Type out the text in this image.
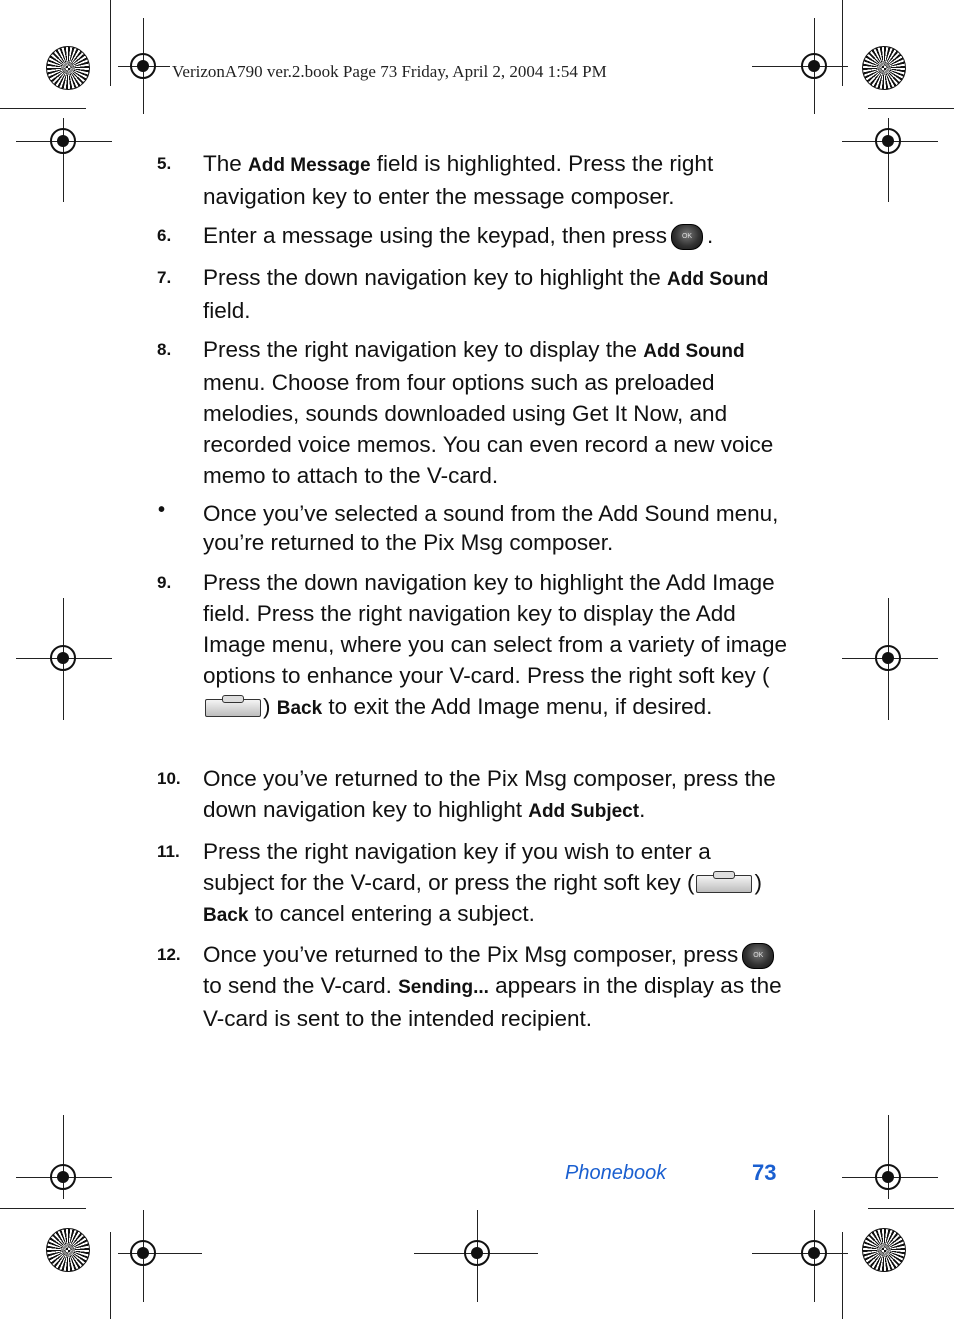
VerizonA790 ver.2.book Page 73 Friday, April 2, 2004 1:54 PM
5. The Add Message field is highlighted. Press the right navigation key to enter the message composer.
6. Enter a message using the keypad, then press OK .
7. Press the down navigation key to highlight the Add Sound field.
8. Press the right navigation key to display the Add Sound menu. Choose from four options such as preloaded melodies, sounds downloaded using Get It Now, and recorded voice memos. You can even record a new voice memo to attach to the V-card.
• Once you’ve selected a sound from the Add Sound menu, you’re returned to the Pix Msg composer.
9. Press the down navigation key to highlight the Add Image field. Press the right navigation key to display the Add Image menu, where you can select from a variety of image options to enhance your V-card. Press the right soft key () Back to exit the Add Image menu, if desired.
10. Once you’ve returned to the Pix Msg composer, press the down navigation key to highlight Add Subject.
11. Press the right navigation key if you wish to enter a subject for the V-card, or press the right soft key (	) Back to cancel entering a subject.
12. Once you’ve returned to the Pix Msg composer, press OK to send the V-card. Sending... appears in the display as the V-card is sent to the intended recipient.
Phonebook	73
